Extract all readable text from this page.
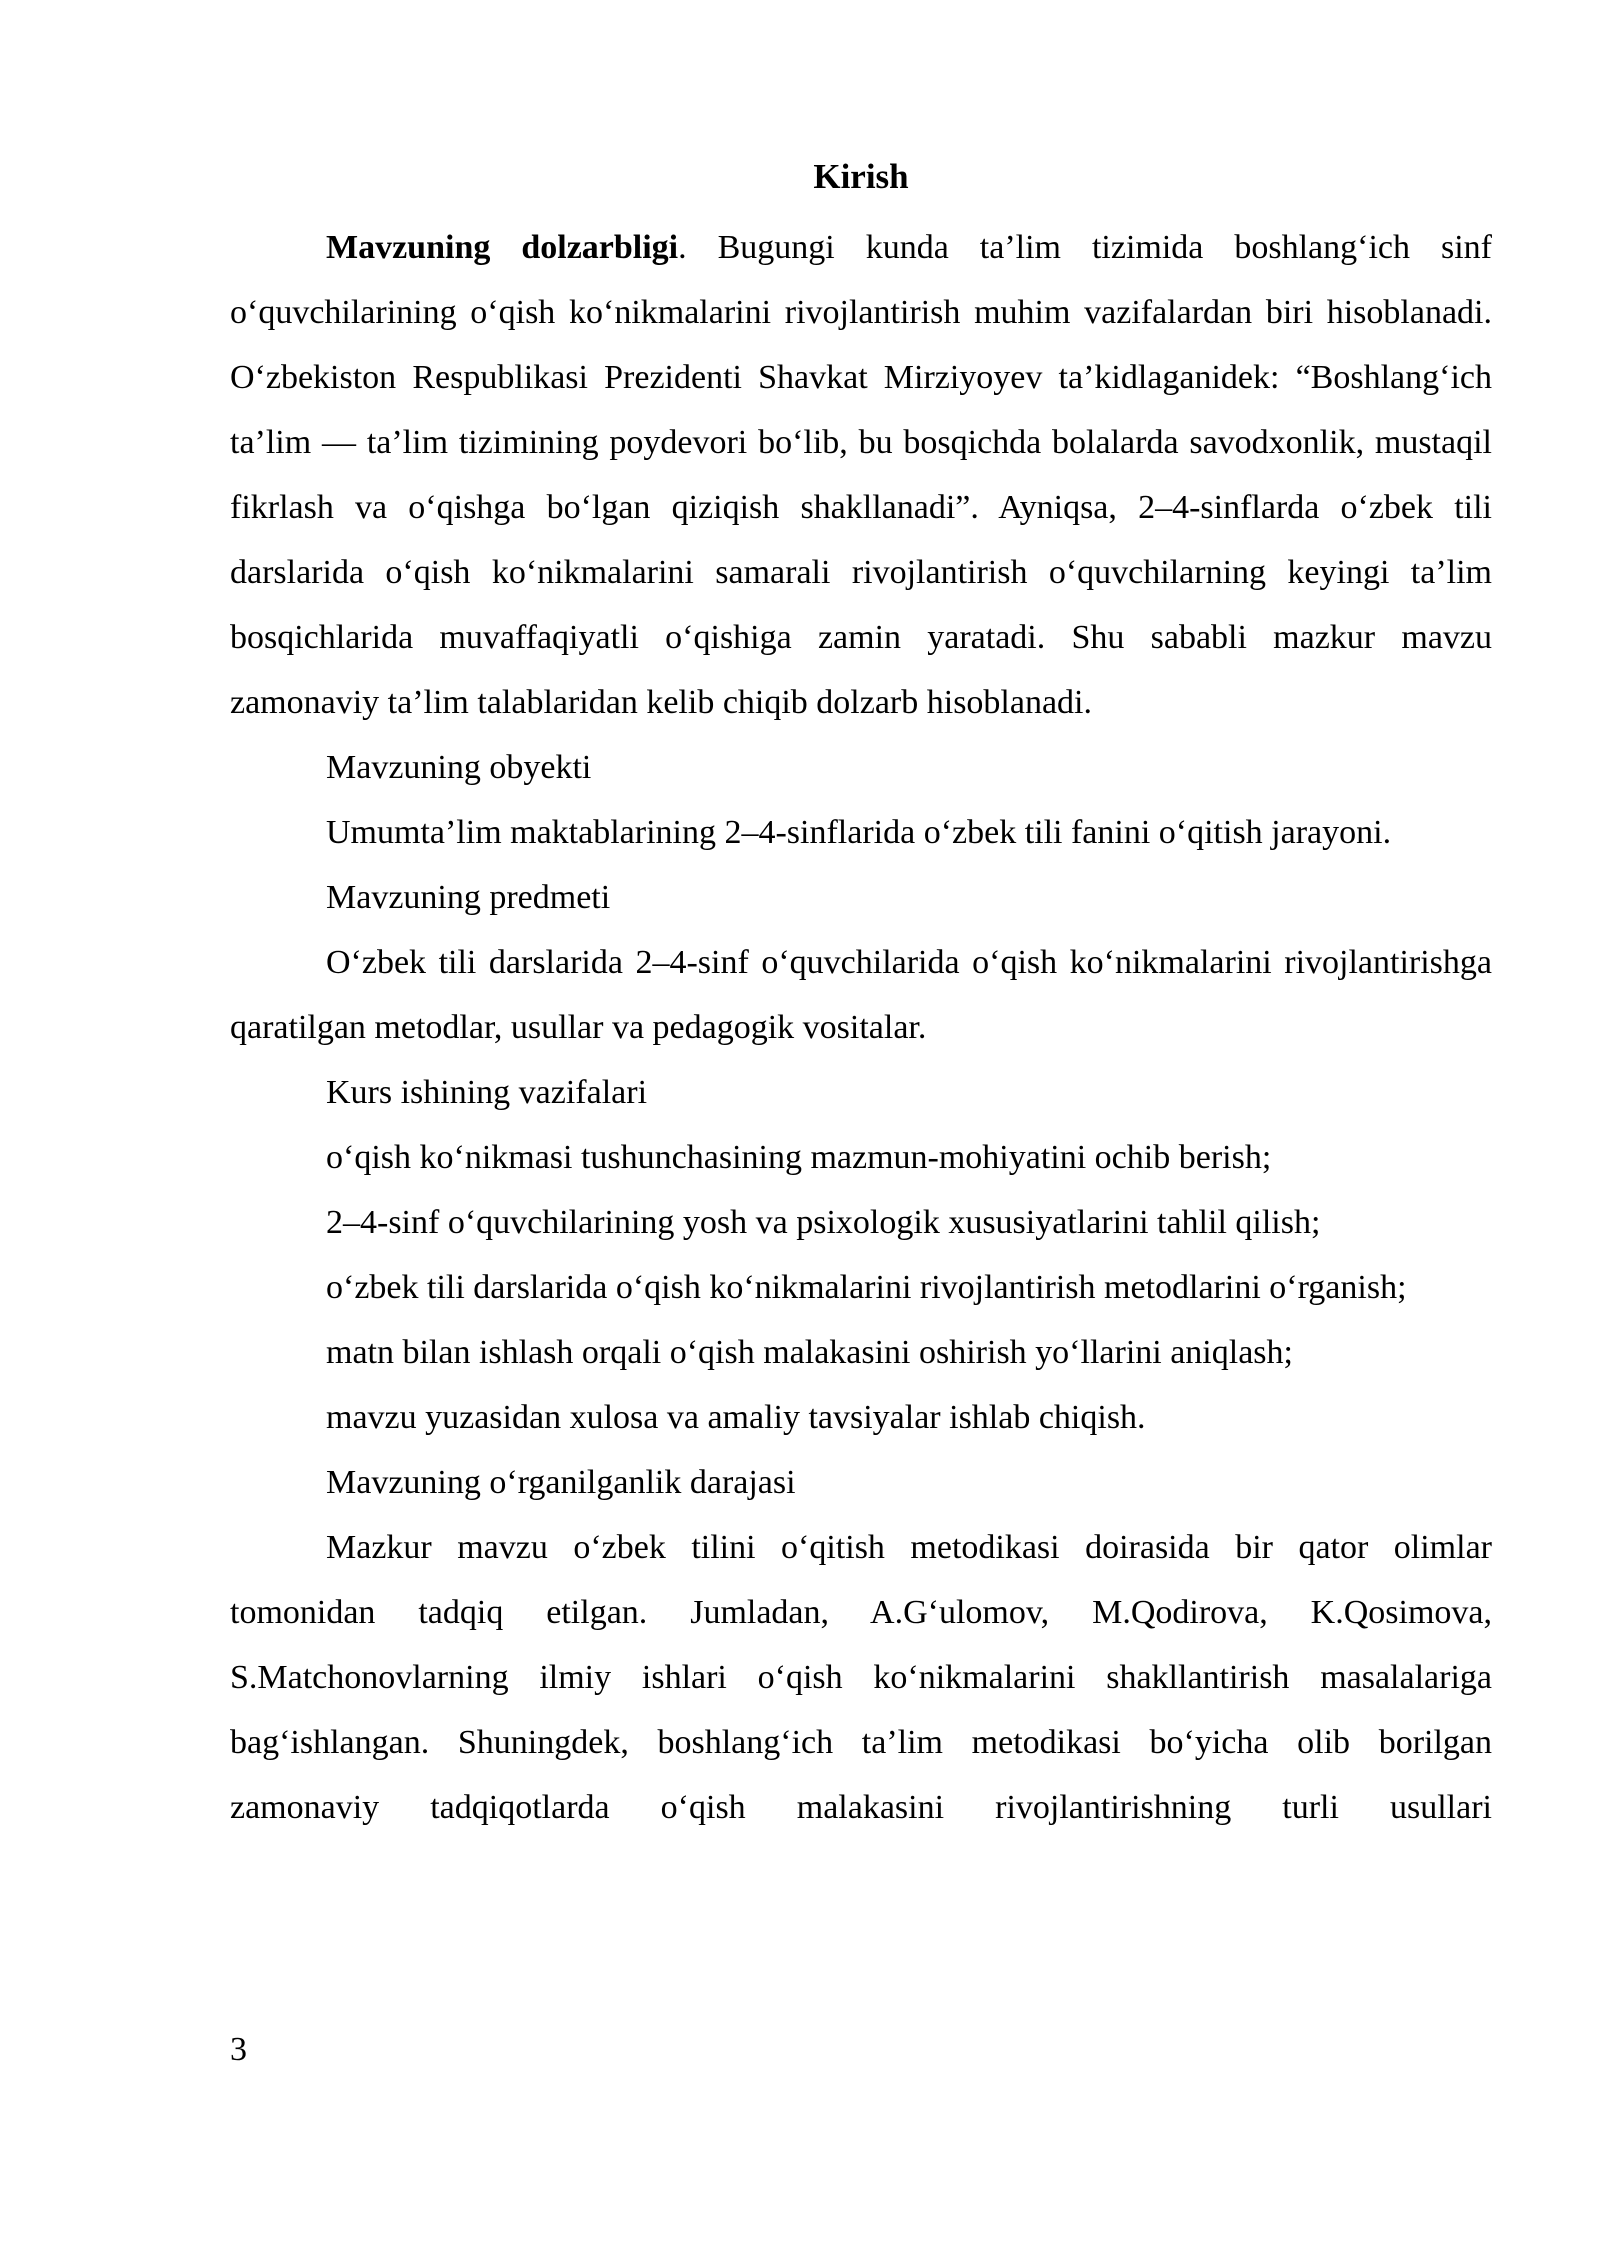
Kirish

Mavzuning dolzarbligi. Bugungi kunda ta’lim tizimida boshlang‘ich sinf o‘quvchilarining o‘qish ko‘nikmalarini rivojlantirish muhim vazifalardan biri hisoblanadi. O‘zbekiston Respublikasi Prezidenti Shavkat Mirziyoyev ta’kidlaganidek: “Boshlang‘ich ta’lim — ta’lim tizimining poydevori bo‘lib, bu bosqichda bolalarda savodxonlik, mustaqil fikrlash va o‘qishga bo‘lgan qiziqish shakllanadi”. Ayniqsa, 2–4-sinflarda o‘zbek tili darslarida o‘qish ko‘nikmalarini samarali rivojlantirish o‘quvchilarning keyingi ta’lim bosqichlarida muvaffaqiyatli o‘qishiga zamin yaratadi. Shu sababli mazkur mavzu zamonaviy ta’lim talablaridan kelib chiqib dolzarb hisoblanadi.

Mavzuning obyekti

Umumta’lim maktablarining 2–4-sinflarida o‘zbek tili fanini o‘qitish jarayoni.

Mavzuning predmeti

O‘zbek tili darslarida 2–4-sinf o‘quvchilarida o‘qish ko‘nikmalarini rivojlantirishga qaratilgan metodlar, usullar va pedagogik vositalar.

Kurs ishining vazifalari

o‘qish ko‘nikmasi tushunchasining mazmun-mohiyatini ochib berish;

2–4-sinf o‘quvchilarining yosh va psixologik xususiyatlarini tahlil qilish;

o‘zbek tili darslarida o‘qish ko‘nikmalarini rivojlantirish metodlarini o‘rganish;

matn bilan ishlash orqali o‘qish malakasini oshirish yo‘llarini aniqlash;

mavzu yuzasidan xulosa va amaliy tavsiyalar ishlab chiqish.

Mavzuning o‘rganilganlik darajasi

Mazkur mavzu o‘zbek tilini o‘qitish metodikasi doirasida bir qator olimlar tomonidan tadqiq etilgan. Jumladan, A.G‘ulomov, M.Qodirova, K.Qosimova, S.Matchonovlarning ilmiy ishlari o‘qish ko‘nikmalarini shakllantirish masalalariga bag‘ishlangan. Shuningdek, boshlang‘ich ta’lim metodikasi bo‘yicha olib borilgan zamonaviy tadqiqotlarda o‘qish malakasini rivojlantirishning turli usullari

3
